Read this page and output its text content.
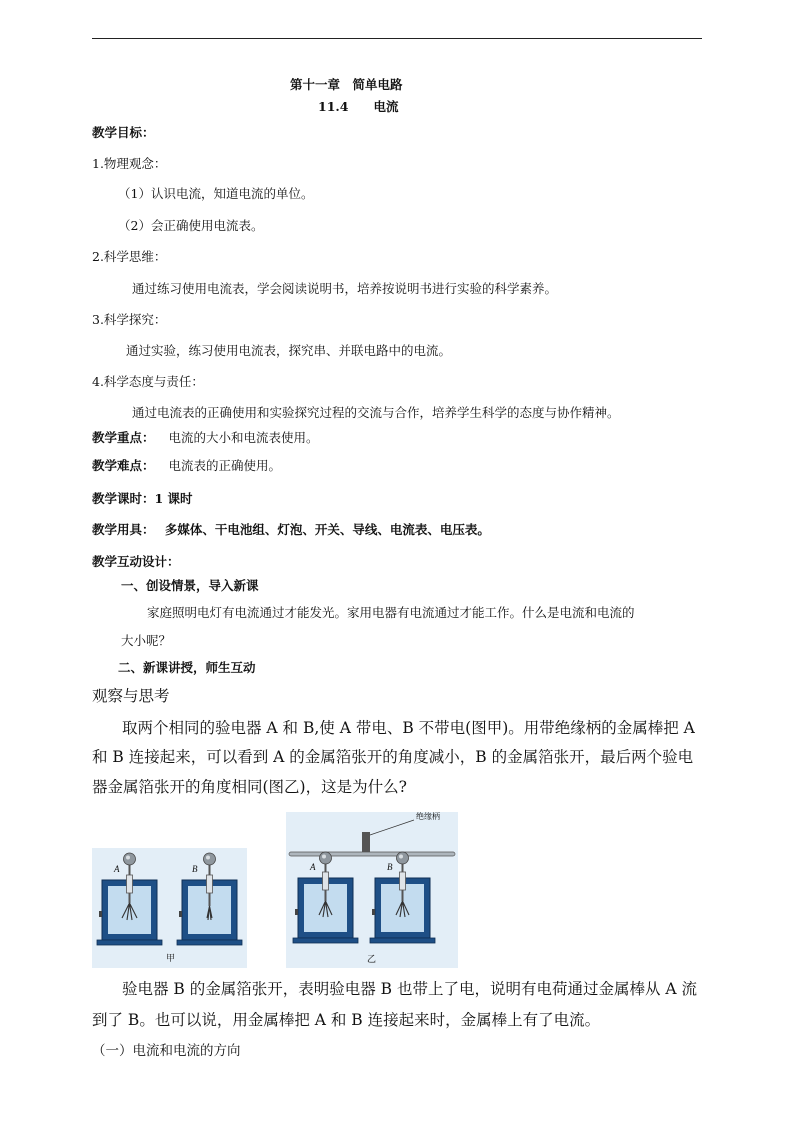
第十一章　简单电路
11.4　　电流
教学目标：
1.物理观念：
（1）认识电流，知道电流的单位。
（2）会正确使用电流表。
2.科学思维：
通过练习使用电流表，学会阅读说明书，培养按说明书进行实验的科学素养。
3.科学探究：
通过实验，练习使用电流表，探究串、并联电路中的电流。
4.科学态度与责任：
通过电流表的正确使用和实验探究过程的交流与合作，培养学生科学的态度与协作精神。
教学重点： 电流的大小和电流表使用。
教学难点： 电流表的正确使用。
教学课时：1 课时
教学用具： 多媒体、干电池组、灯泡、开关、导线、电流表、电压表。
教学互动设计：
一、创设情景，导入新课
家庭照明电灯有电流通过才能发光。家用电器有电流通过才能工作。什么是电流和电流的
大小呢？
二、新课讲授，师生互动
观察与思考
取两个相同的验电器 A 和 B,使 A 带电、B 不带电(图甲)。用带绝缘柄的金属棒把 A
和 B 连接起来，可以看到 A 的金属箔张开的角度减小，B 的金属箔张开，最后两个验电
器金属箔张开的角度相同(图乙)，这是为什么?
A	B
甲
绝缘柄
A	B
乙
验电器 B 的金属箔张开，表明验电器 B 也带上了电，说明有电荷通过金属棒从 A 流
到了 B。也可以说，用金属棒把 A 和 B 连接起来时，金属棒上有了电流。
（一）电流和电流的方向
